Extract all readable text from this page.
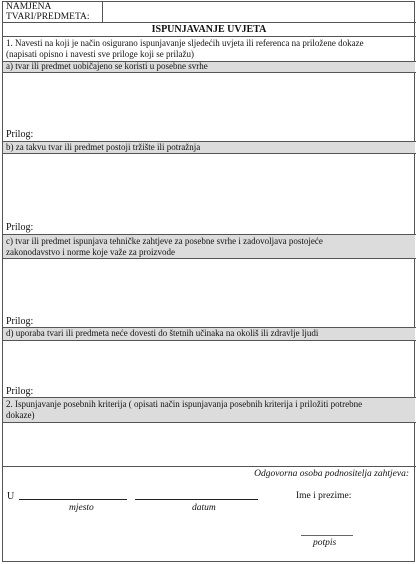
NAMJENA
TVARI/PREDMETA:
ISPUNJAVANJE UVJETA
1. Navesti na koji je način osigurano ispunjavanje sljedećih uvjeta ili referenca na priložene dokaze
(napisati opisno i navesti sve priloge koji se prilažu)
a) tvar ili predmet uobičajeno se koristi u posebne svrhe
Prilog:
b) za takvu tvar ili predmet postoji tržište ili potražnja
Prilog:
c) tvar ili predmet ispunjava tehničke zahtjeve za posebne svrhe i zadovoljava postojeće
zakonodavstvo i norme koje važe za proizvode
Prilog:
d) uporaba tvari ili predmeta neće dovesti do štetnih učinaka na okoliš ili zdravlje ljudi
Prilog:
2. Ispunjavanje posebnih kriterija ( opisati način ispunjavanja posebnih kriterija i priložiti potrebne
dokaze)
Odgovorna osoba podnositelja zahtjeva:
U	Ime i prezime:
mjesto	datum
potpis
